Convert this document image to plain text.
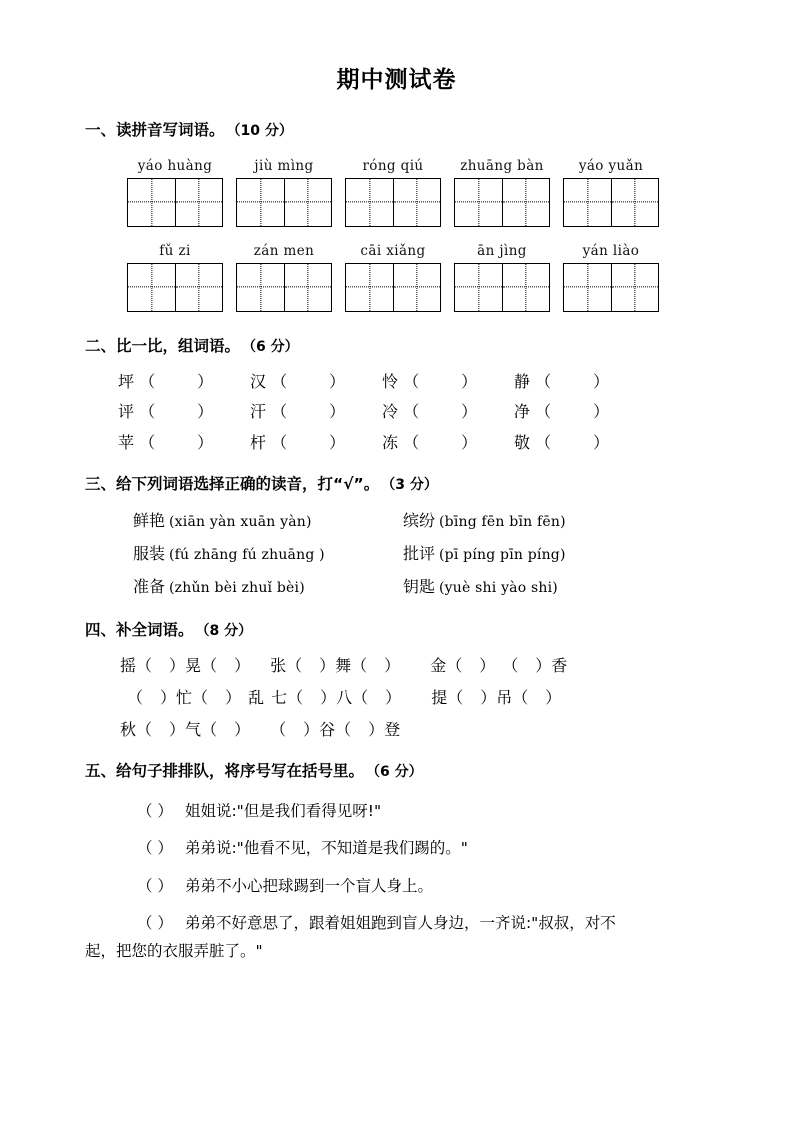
期中测试卷
一、读拼音写词语。 （10 分）
yáo huàng	jiù mìng	róng qiú	zhuāng bàn	yáo yuǎn
fǔ zi	zán men	cāi xiǎng	ān jìng	yán liào
二、比一比，组词语。 （6 分）
坪 （	）	汉 （	）	怜 （	）	静 （	）
评 （	）	汗 （	）	冷 （	）	净 （	）
苹 （	）	杆 （	）	冻 （	）	敬 （	）
三、给下列词语选择正确的读音，打“√”。 （3 分）
鲜艳 (xiān yàn xuān yàn)	缤纷 (bīng fēn bīn fēn)
服装 (fú zhāng fú zhuāng )	批评 (pī píng pīn píng)
准备 (zhǔn bèi zhuǐ bèi)	钥匙 (yuè shi yào shi)
四、补全词语。 （8 分）
摇（ ）晃（ ） 张（ ）舞（ ） 金（ ） （ ）香
（ ）忙（ ） 乱 七（ ）八（ ） 提（ ）吊（ ）
秋（ ）气（ ） （ ）谷（ ）登
五、给句子排排队，将序号写在括号里。 （6 分）
（ ） 姐姐说:"但是我们看得见呀!"
（ ） 弟弟说:"他看不见，不知道是我们踢的。"
（ ） 弟弟不小心把球踢到一个盲人身上。
（ ） 弟弟不好意思了，跟着姐姐跑到盲人身边，一齐说:"叔叔，对不
起，把您的衣服弄脏了。"
